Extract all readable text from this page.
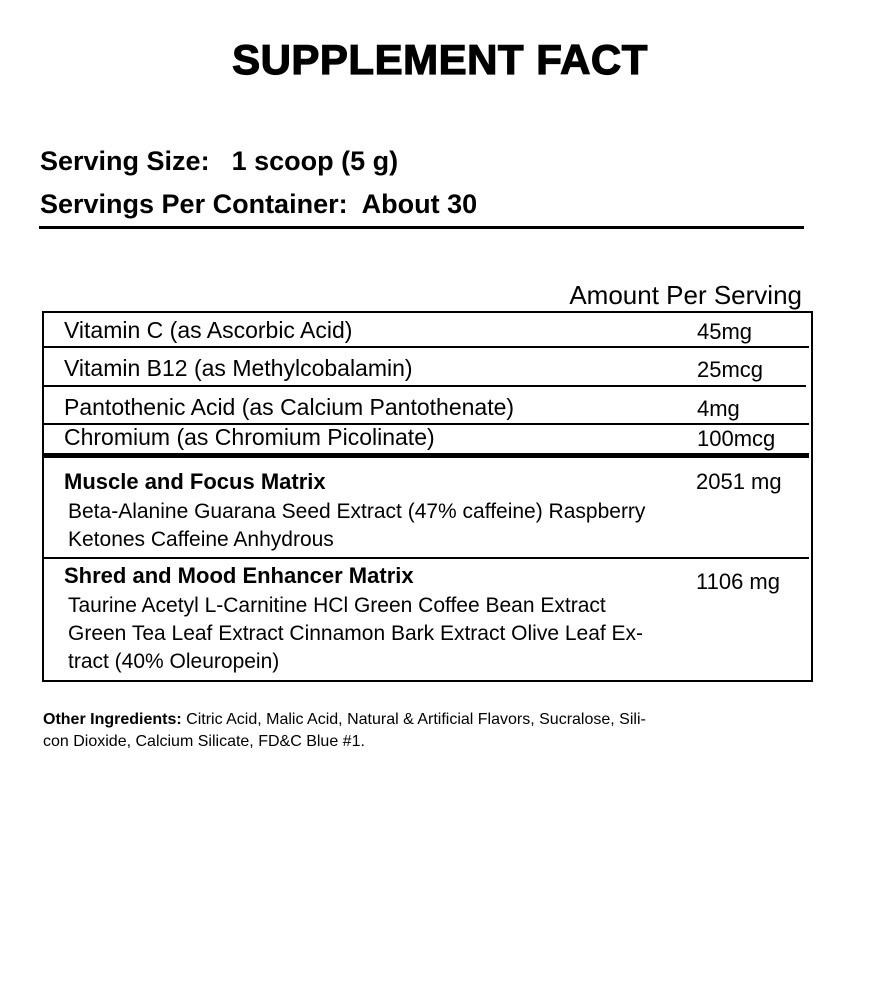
SUPPLEMENT FACT
Serving Size: 1 scoop (5 g)
Servings Per Container: About 30
Amount Per Serving
Vitamin C (as Ascorbic Acid)	45mg
Vitamin B12 (as Methylcobalamin)	25mcg
Pantothenic Acid (as Calcium Pantothenate)	4mg
Chromium (as Chromium Picolinate)	100mcg
Muscle and Focus Matrix	2051 mg
Beta-Alanine Guarana Seed Extract (47% caffeine) Raspberry
Ketones Caffeine Anhydrous
Shred and Mood Enhancer Matrix	1106 mg
Taurine Acetyl L-Carnitine HCl Green Coffee Bean Extract
Green Tea Leaf Extract Cinnamon Bark Extract Olive Leaf Ex-
tract (40% Oleuropein)
Other Ingredients: Citric Acid, Malic Acid, Natural & Artificial Flavors, Sucralose, Sili-
con Dioxide, Calcium Silicate, FD&C Blue #1.
